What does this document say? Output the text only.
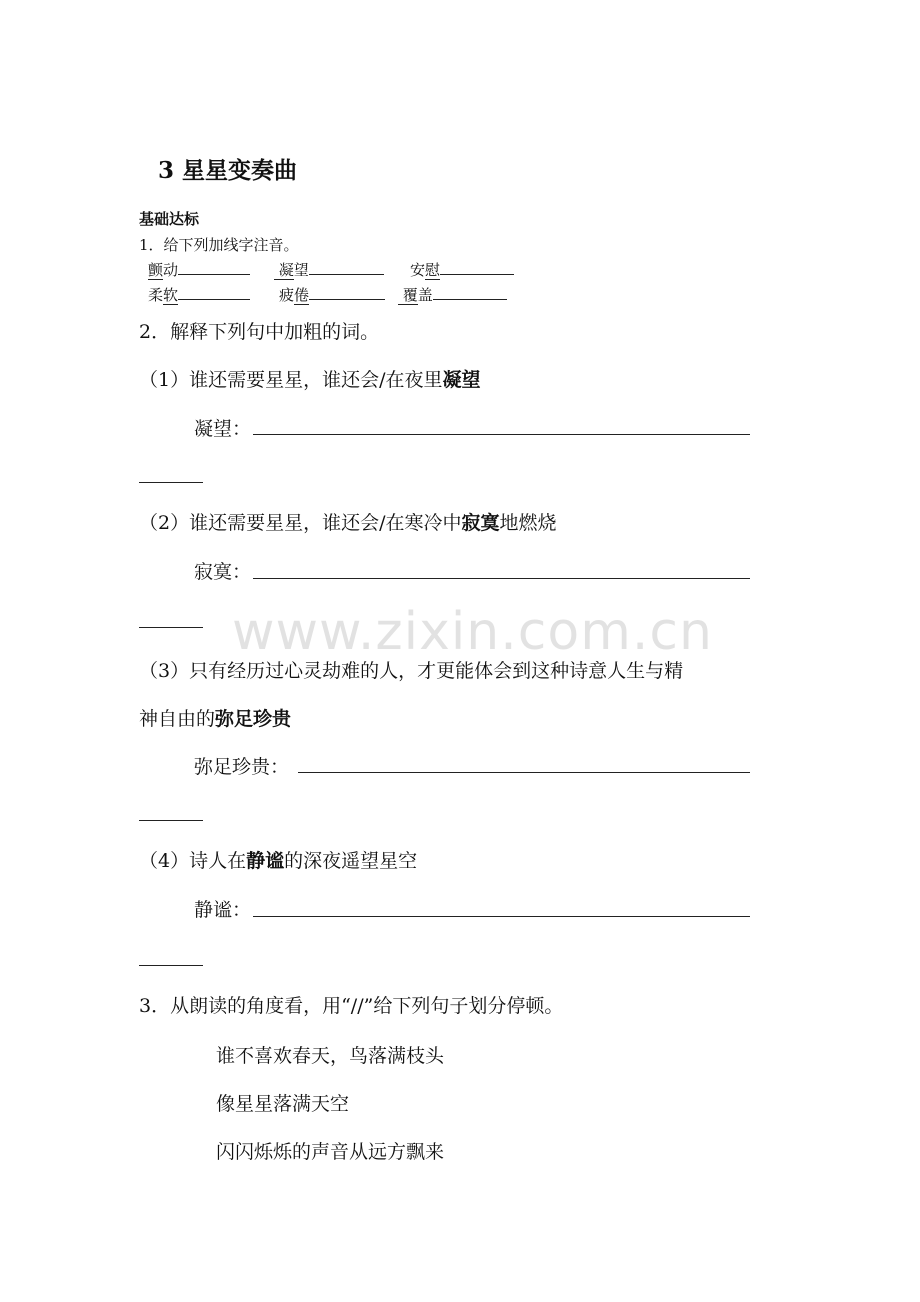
3 星星变奏曲
基础达标
1．给下列加线字注音。
颤动	凝望	安慰
柔软	疲倦	覆盖
2．解释下列句中加粗的词。
（1）谁还需要星星，谁还会/在夜里凝望
凝望：
（2）谁还需要星星，谁还会/在寒冷中寂寞地燃烧
寂寞：
（3）只有经历过心灵劫难的人，才更能体会到这种诗意人生与精
神自由的弥足珍贵
弥足珍贵：
（4）诗人在静谧的深夜遥望星空
静谧：
3．从朗读的角度看，用“//”给下列句子划分停顿。
谁不喜欢春天，鸟落满枝头
像星星落满天空
闪闪烁烁的声音从远方飘来
www.zixin.com.cn
